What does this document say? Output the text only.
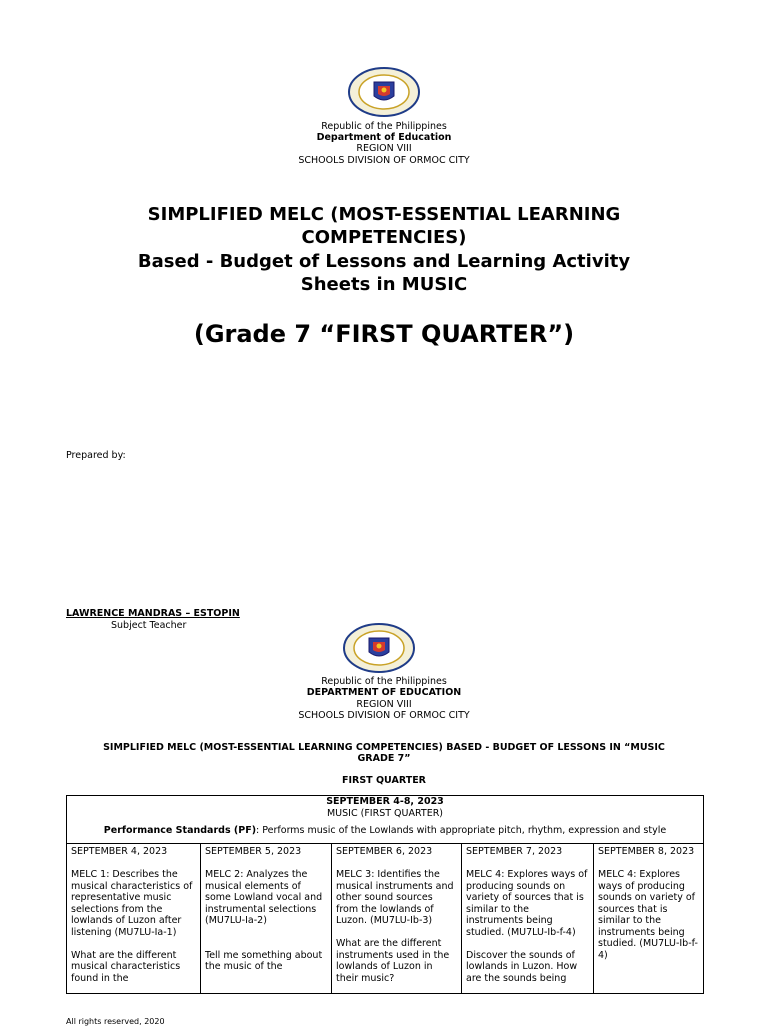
Republic of the Philippines
Department of Education
REGION VIII
SCHOOLS DIVISION OF ORMOC CITY
SIMPLIFIED MELC (MOST-ESSENTIAL LEARNING
COMPETENCIES)
Based - Budget of Lessons and Learning Activity
Sheets in MUSIC
(Grade 7 “FIRST QUARTER”)
Prepared by:
LAWRENCE MANDRAS – ESTOPIN
Subject Teacher
Republic of the Philippines
DEPARTMENT OF EDUCATION
REGION VIII
SCHOOLS DIVISION OF ORMOC CITY
SIMPLIFIED MELC (MOST-ESSENTIAL LEARNING COMPETENCIES) BASED - BUDGET OF LESSONS IN “MUSIC
GRADE 7”
FIRST QUARTER
SEPTEMBER 4-8, 2023
MUSIC (FIRST QUARTER)
Performance Standards (PF): Performs music of the Lowlands with appropriate pitch, rhythm, expression and style

SEPTEMBER 4, 2023

MELC 1: Describes the musical characteristics of representative music selections from the lowlands of Luzon after listening (MU7LU-Ia-1)

What are the different musical characteristics found in the

SEPTEMBER 5, 2023

MELC 2: Analyzes the musical elements of some Lowland vocal and instrumental selections (MU7LU-Ia-2)

Tell me something about the music of the

SEPTEMBER 6, 2023

MELC 3: Identifies the musical instruments and other sound sources from the lowlands of Luzon. (MU7LU-Ib-3)

What are the different instruments used in the lowlands of Luzon in their music?

SEPTEMBER 7, 2023

MELC 4: Explores ways of producing sounds on variety of sources that is similar to the instruments being studied. (MU7LU-Ib-f-4)

Discover the sounds of lowlands in Luzon. How are the sounds being

SEPTEMBER 8, 2023

MELC 4: Explores ways of producing sounds on variety of sources that is similar to the instruments being studied. (MU7LU-Ib-f-4)
All rights reserved, 2020
